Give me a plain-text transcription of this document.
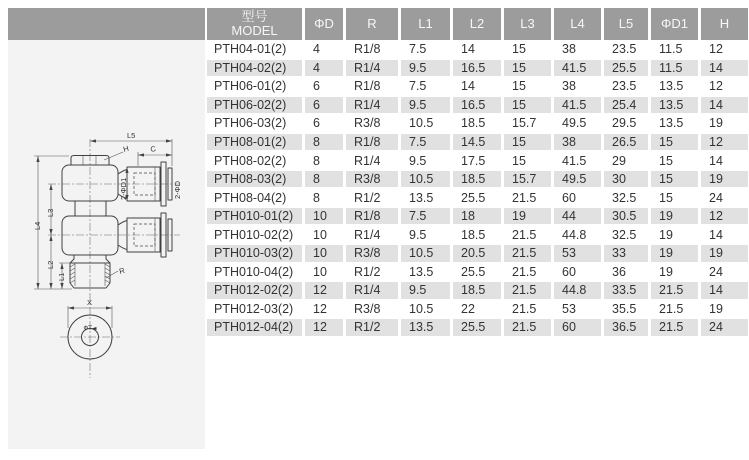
ΦT◄
L5
C
H
2-ΦD1	2-ΦD
L4
L3
L2
L1
R
X
型号
MODEL	ΦD	R	L1	L2	L3	L4	L5	ΦD1	H
PTH04-01(2)	4	R1/8	7.5	14	15	38	23.5	11.5	12
PTH04-02(2)	4	R1/4	9.5	16.5	15	41.5	25.5	11.5	14
PTH06-01(2)	6	R1/8	7.5	14	15	38	23.5	13.5	12
PTH06-02(2)	6	R1/4	9.5	16.5	15	41.5	25.4	13.5	14
PTH06-03(2)	6	R3/8	10.5	18.5	15.7	49.5	29.5	13.5	19
PTH08-01(2)	8	R1/8	7.5	14.5	15	38	26.5	15	12
PTH08-02(2)	8	R1/4	9.5	17.5	15	41.5	29	15	14
PTH08-03(2)	8	R3/8	10.5	18.5	15.7	49.5	30	15	19
PTH08-04(2)	8	R1/2	13.5	25.5	21.5	60	32.5	15	24
PTH010-01(2)	10	R1/8	7.5	18	19	44	30.5	19	12
PTH010-02(2)	10	R1/4	9.5	18.5	21.5	44.8	32.5	19	14
PTH010-03(2)	10	R3/8	10.5	20.5	21.5	53	33	19	19
PTH010-04(2)	10	R1/2	13.5	25.5	21.5	60	36	19	24
PTH012-02(2)	12	R1/4	9.5	18.5	21.5	44.8	33.5	21.5	14
PTH012-03(2)	12	R3/8	10.5	22	21.5	53	35.5	21.5	19
PTH012-04(2)	12	R1/2	13.5	25.5	21.5	60	36.5	21.5	24
